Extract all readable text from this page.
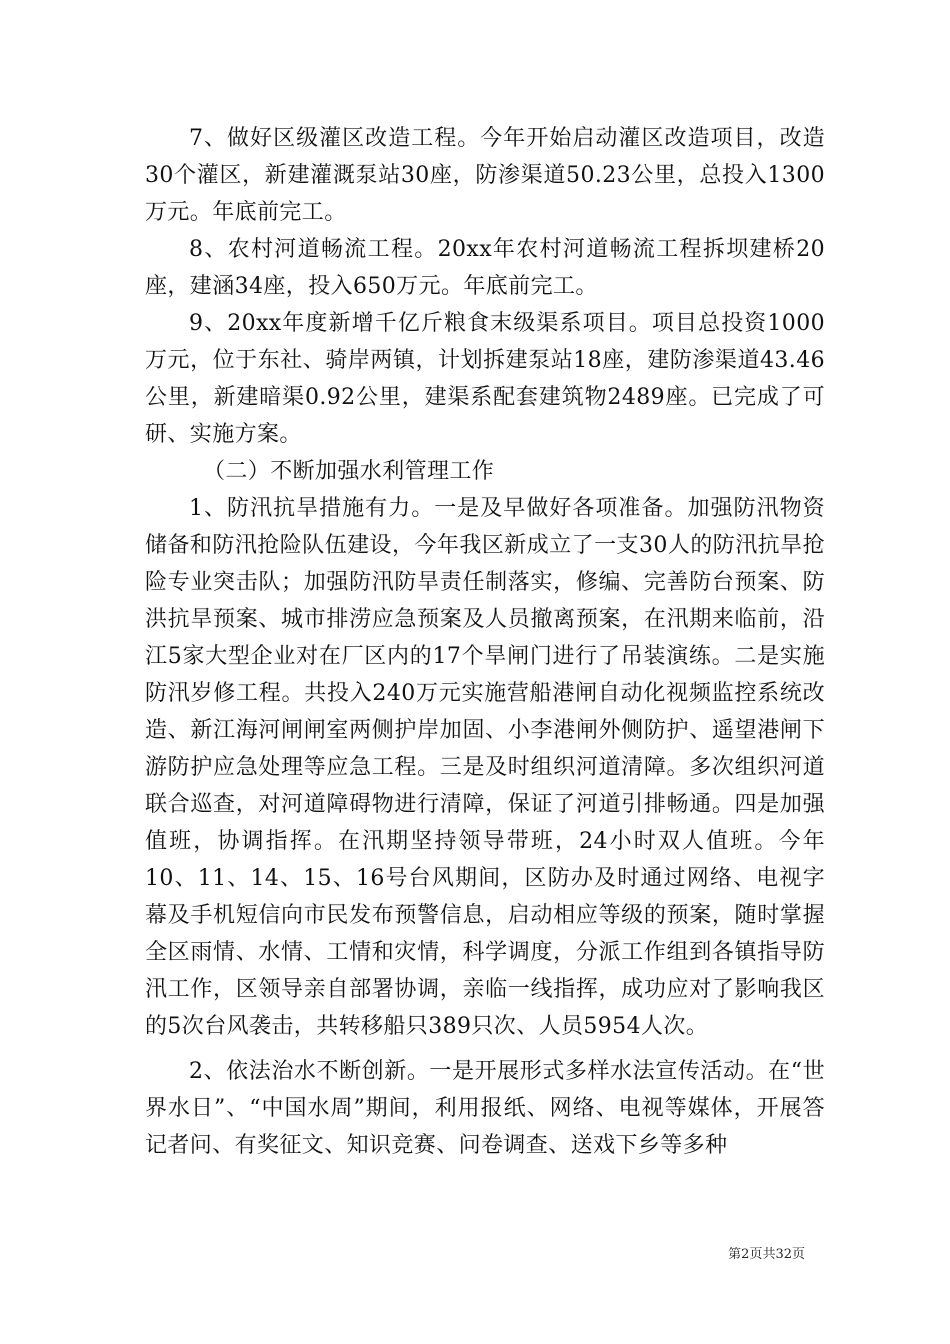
7、做好区级灌区改造工程。今年开始启动灌区改造项目，改造30个灌区，新建灌溉泵站30座，防渗渠道50.23公里，总投入1300万元。年底前完工。

8、农村河道畅流工程。20xx年农村河道畅流工程拆坝建桥20座，建涵34座，投入650万元。年底前完工。

9、20xx年度新增千亿斤粮食末级渠系项目。项目总投资1000万元，位于东社、骑岸两镇，计划拆建泵站18座，建防渗渠道43.46公里，新建暗渠0.92公里，建渠系配套建筑物2489座。已完成了可研、实施方案。

（二）不断加强水利管理工作

1、防汛抗旱措施有力。一是及早做好各项准备。加强防汛物资储备和防汛抢险队伍建设，今年我区新成立了一支30人的防汛抗旱抢险专业突击队；加强防汛防旱责任制落实，修编、完善防台预案、防洪抗旱预案、城市排涝应急预案及人员撤离预案，在汛期来临前，沿江5家大型企业对在厂区内的17个旱闸门进行了吊装演练。二是实施防汛岁修工程。共投入240万元实施营船港闸自动化视频监控系统改造、新江海河闸闸室两侧护岸加固、小李港闸外侧防护、遥望港闸下游防护应急处理等应急工程。三是及时组织河道清障。多次组织河道联合巡查，对河道障碍物进行清障，保证了河道引排畅通。四是加强值班，协调指挥。在汛期坚持领导带班，24小时双人值班。今年10、11、14、15、16号台风期间，区防办及时通过网络、电视字幕及手机短信向市民发布预警信息，启动相应等级的预案，随时掌握全区雨情、水情、工情和灾情，科学调度，分派工作组到各镇指导防汛工作，区领导亲自部署协调，亲临一线指挥，成功应对了影响我区的5次台风袭击，共转移船只389只次、人员5954人次。

2、依法治水不断创新。一是开展形式多样水法宣传活动。在“世界水日”、“中国水周”期间，利用报纸、网络、电视等媒体，开展答记者问、有奖征文、知识竞赛、问卷调查、送戏下乡等多种

第2页共32页
